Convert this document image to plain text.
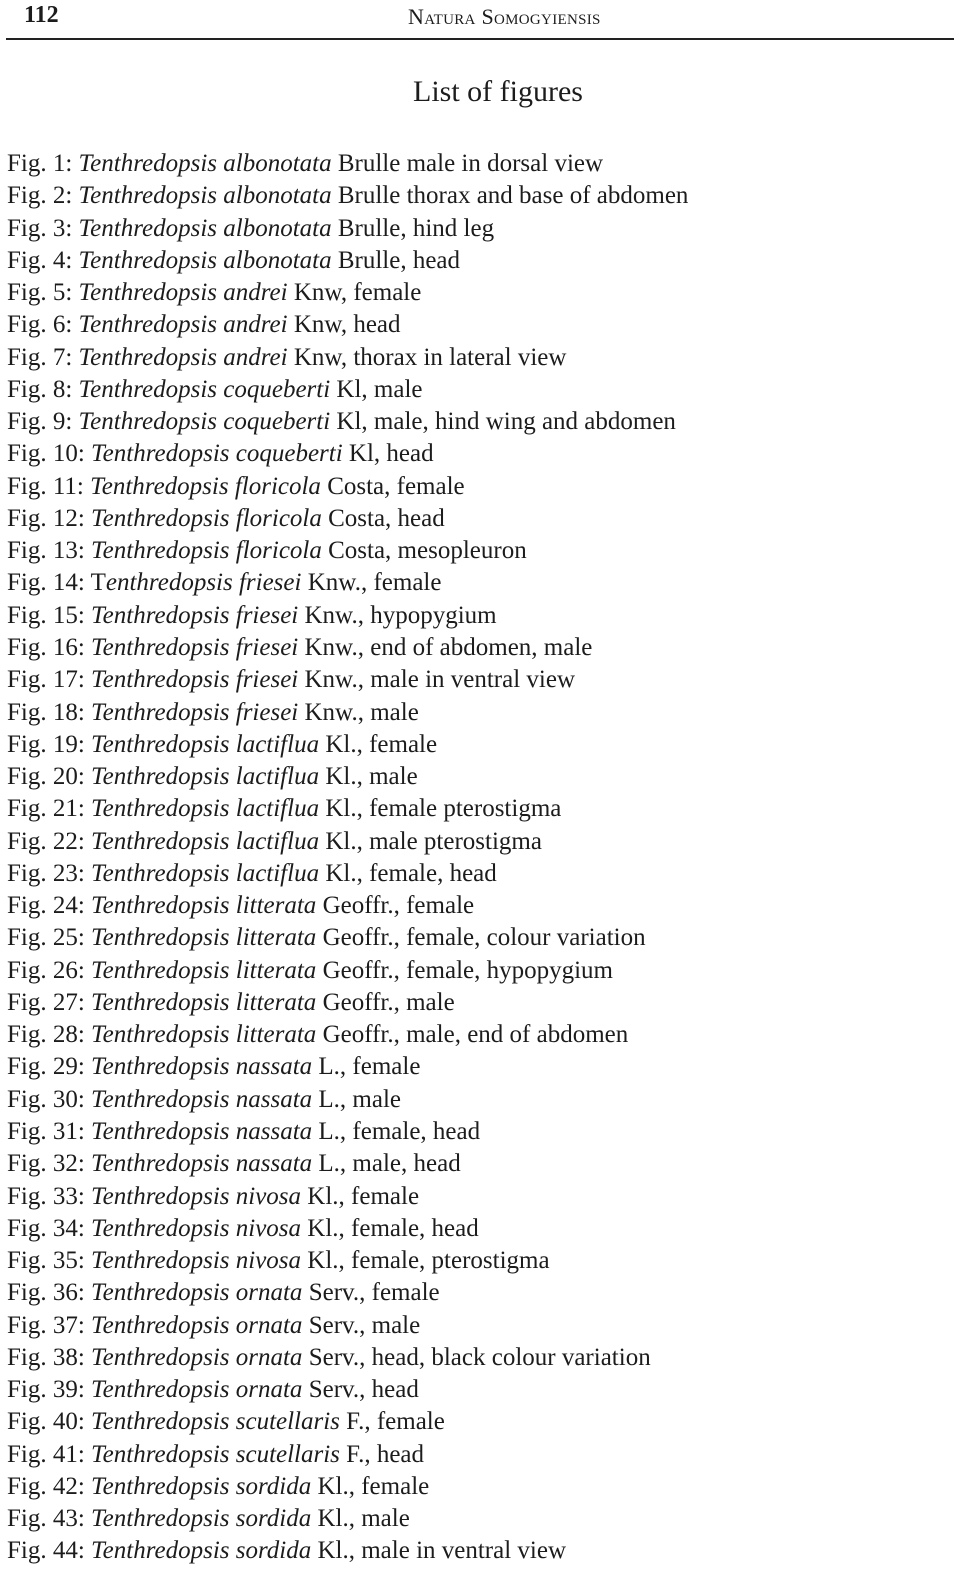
112	Natura Somogyiensis
List of figures
Fig. 1: Tenthredopsis albonotata Brulle male in dorsal view
Fig. 2: Tenthredopsis albonotata Brulle thorax and base of abdomen
Fig. 3: Tenthredopsis albonotata Brulle, hind leg
Fig. 4: Tenthredopsis albonotata Brulle, head
Fig. 5: Tenthredopsis andrei Knw, female
Fig. 6: Tenthredopsis andrei Knw, head
Fig. 7: Tenthredopsis andrei Knw, thorax in lateral view
Fig. 8: Tenthredopsis coqueberti Kl, male
Fig. 9: Tenthredopsis coqueberti Kl, male, hind wing and abdomen
Fig. 10: Tenthredopsis coqueberti Kl, head
Fig. 11: Tenthredopsis floricola Costa, female
Fig. 12: Tenthredopsis floricola Costa, head
Fig. 13: Tenthredopsis floricola Costa, mesopleuron
Fig. 14: Tenthredopsis friesei Knw., female
Fig. 15: Tenthredopsis friesei Knw., hypopygium
Fig. 16: Tenthredopsis friesei Knw., end of abdomen, male
Fig. 17: Tenthredopsis friesei Knw., male in ventral view
Fig. 18: Tenthredopsis friesei Knw., male
Fig. 19: Tenthredopsis lactiflua Kl., female
Fig. 20: Tenthredopsis lactiflua Kl., male
Fig. 21: Tenthredopsis lactiflua Kl., female pterostigma
Fig. 22: Tenthredopsis lactiflua Kl., male pterostigma
Fig. 23: Tenthredopsis lactiflua Kl., female, head
Fig. 24: Tenthredopsis litterata Geoffr., female
Fig. 25: Tenthredopsis litterata Geoffr., female, colour variation
Fig. 26: Tenthredopsis litterata Geoffr., female, hypopygium
Fig. 27: Tenthredopsis litterata Geoffr., male
Fig. 28: Tenthredopsis litterata Geoffr., male, end of abdomen
Fig. 29: Tenthredopsis nassata L., female
Fig. 30: Tenthredopsis nassata L., male
Fig. 31: Tenthredopsis nassata L., female, head
Fig. 32: Tenthredopsis nassata L., male, head
Fig. 33: Tenthredopsis nivosa Kl., female
Fig. 34: Tenthredopsis nivosa Kl., female, head
Fig. 35: Tenthredopsis nivosa Kl., female, pterostigma
Fig. 36: Tenthredopsis ornata Serv., female
Fig. 37: Tenthredopsis ornata Serv., male
Fig. 38: Tenthredopsis ornata Serv., head, black colour variation
Fig. 39: Tenthredopsis ornata Serv., head
Fig. 40: Tenthredopsis scutellaris F., female
Fig. 41: Tenthredopsis scutellaris F., head
Fig. 42: Tenthredopsis sordida Kl., female
Fig. 43: Tenthredopsis sordida Kl., male
Fig. 44: Tenthredopsis sordida Kl., male in ventral view
